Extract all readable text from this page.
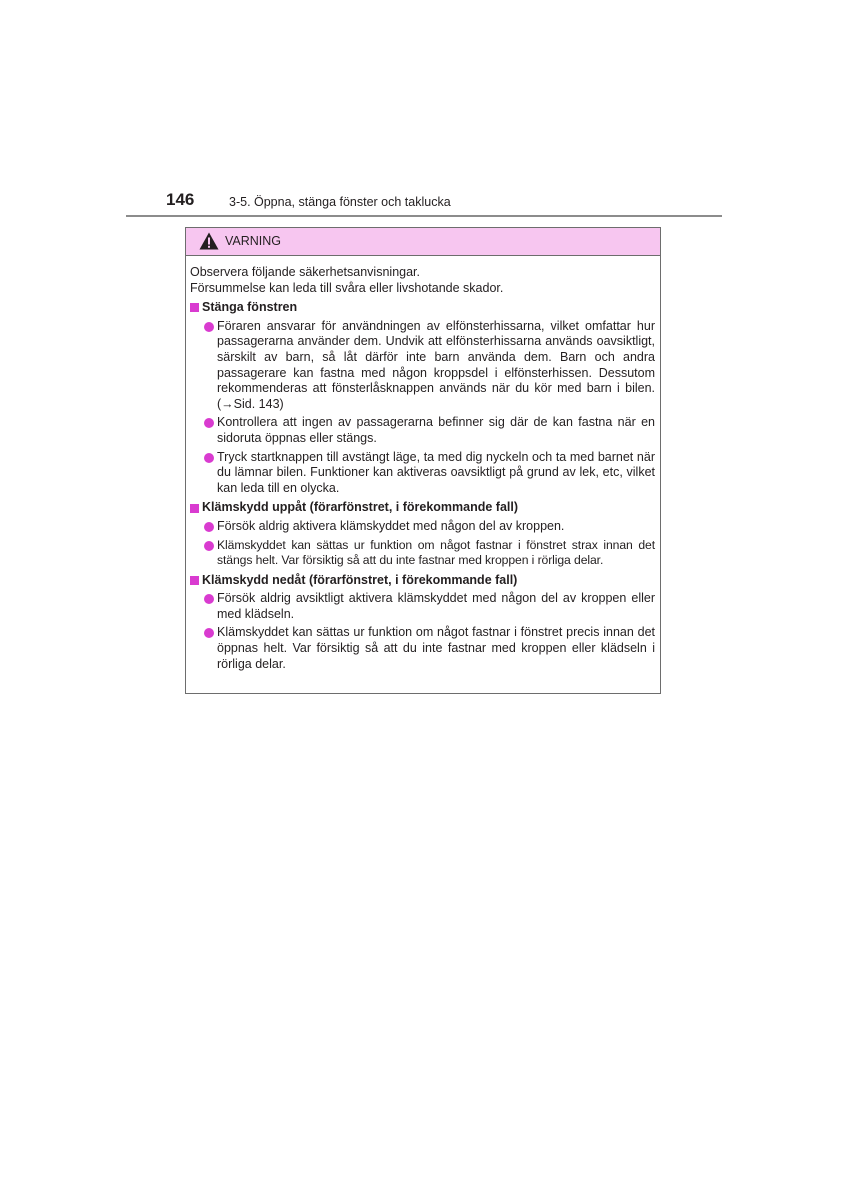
146	3-5. Öppna, stänga fönster och taklucka
VARNING
Observera följande säkerhetsanvisningar.
Försummelse kan leda till svåra eller livshotande skador.
Stänga fönstren
Föraren ansvarar för användningen av elfönsterhissarna, vilket omfattar hur passagerarna använder dem. Undvik att elfönsterhissarna används oavsiktligt, särskilt av barn, så låt därför inte barn använda dem. Barn och andra passagerare kan fastna med någon kroppsdel i elfönsterhissen. Dessutom rekommenderas att fönsterlåsknappen används när du kör med barn i bilen. (→Sid. 143)
Kontrollera att ingen av passagerarna befinner sig där de kan fastna när en sidoruta öppnas eller stängs.
Tryck startknappen till avstängt läge, ta med dig nyckeln och ta med barnet när du lämnar bilen. Funktioner kan aktiveras oavsiktligt på grund av lek, etc, vilket kan leda till en olycka.
Klämskydd uppåt (förarfönstret, i förekommande fall)
Försök aldrig aktivera klämskyddet med någon del av kroppen.
Klämskyddet kan sättas ur funktion om något fastnar i fönstret strax innan det stängs helt. Var försiktig så att du inte fastnar med kroppen i rörliga delar.
Klämskydd nedåt (förarfönstret, i förekommande fall)
Försök aldrig avsiktligt aktivera klämskyddet med någon del av kroppen eller med klädseln.
Klämskyddet kan sättas ur funktion om något fastnar i fönstret precis innan det öppnas helt. Var försiktig så att du inte fastnar med kroppen eller klädseln i rörliga delar.
